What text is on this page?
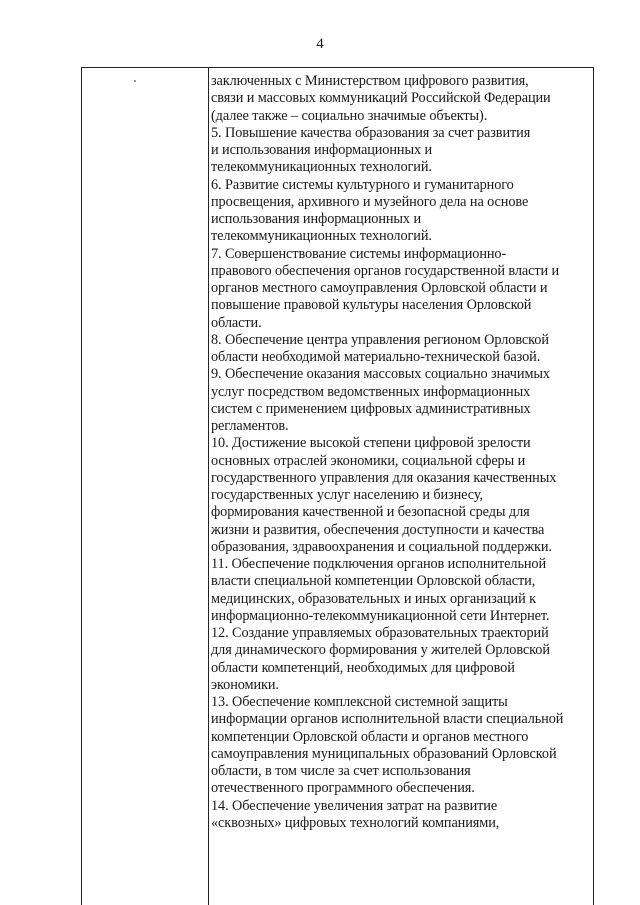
4
заключенных с Министерством цифрового развития,
связи и массовых коммуникаций Российской Федерации
(далее также – социально значимые объекты).
5. Повышение качества образования за счет развития
и использования информационных и
телекоммуникационных технологий.
6. Развитие системы культурного и гуманитарного
просвещения, архивного и музейного дела на основе
использования информационных и
телекоммуникационных технологий.
7. Совершенствование системы информационно-
правового обеспечения органов государственной власти и
органов местного самоуправления Орловской области и
повышение правовой культуры населения Орловской
области.
8. Обеспечение центра управления регионом Орловской
области необходимой материально-технической базой.
9. Обеспечение оказания массовых социально значимых
услуг посредством ведомственных информационных
систем с применением цифровых административных
регламентов.
10. Достижение высокой степени цифровой зрелости
основных отраслей экономики, социальной сферы и
государственного управления для оказания качественных
государственных услуг населению и бизнесу,
формирования качественной и безопасной среды для
жизни и развития, обеспечения доступности и качества
образования, здравоохранения и социальной поддержки.
11. Обеспечение подключения органов исполнительной
власти специальной компетенции Орловской области,
медицинских, образовательных и иных организаций к
информационно-телекоммуникационной сети Интернет.
12. Создание управляемых образовательных траекторий
для динамического формирования у жителей Орловской
области компетенций, необходимых для цифровой
экономики.
13. Обеспечение комплексной системной защиты
информации органов исполнительной власти специальной
компетенции Орловской области и органов местного
самоуправления муниципальных образований Орловской
области, в том числе за счет использования
отечественного программного обеспечения.
14. Обеспечение увеличения затрат на развитие
«сквозных» цифровых технологий компаниями,
